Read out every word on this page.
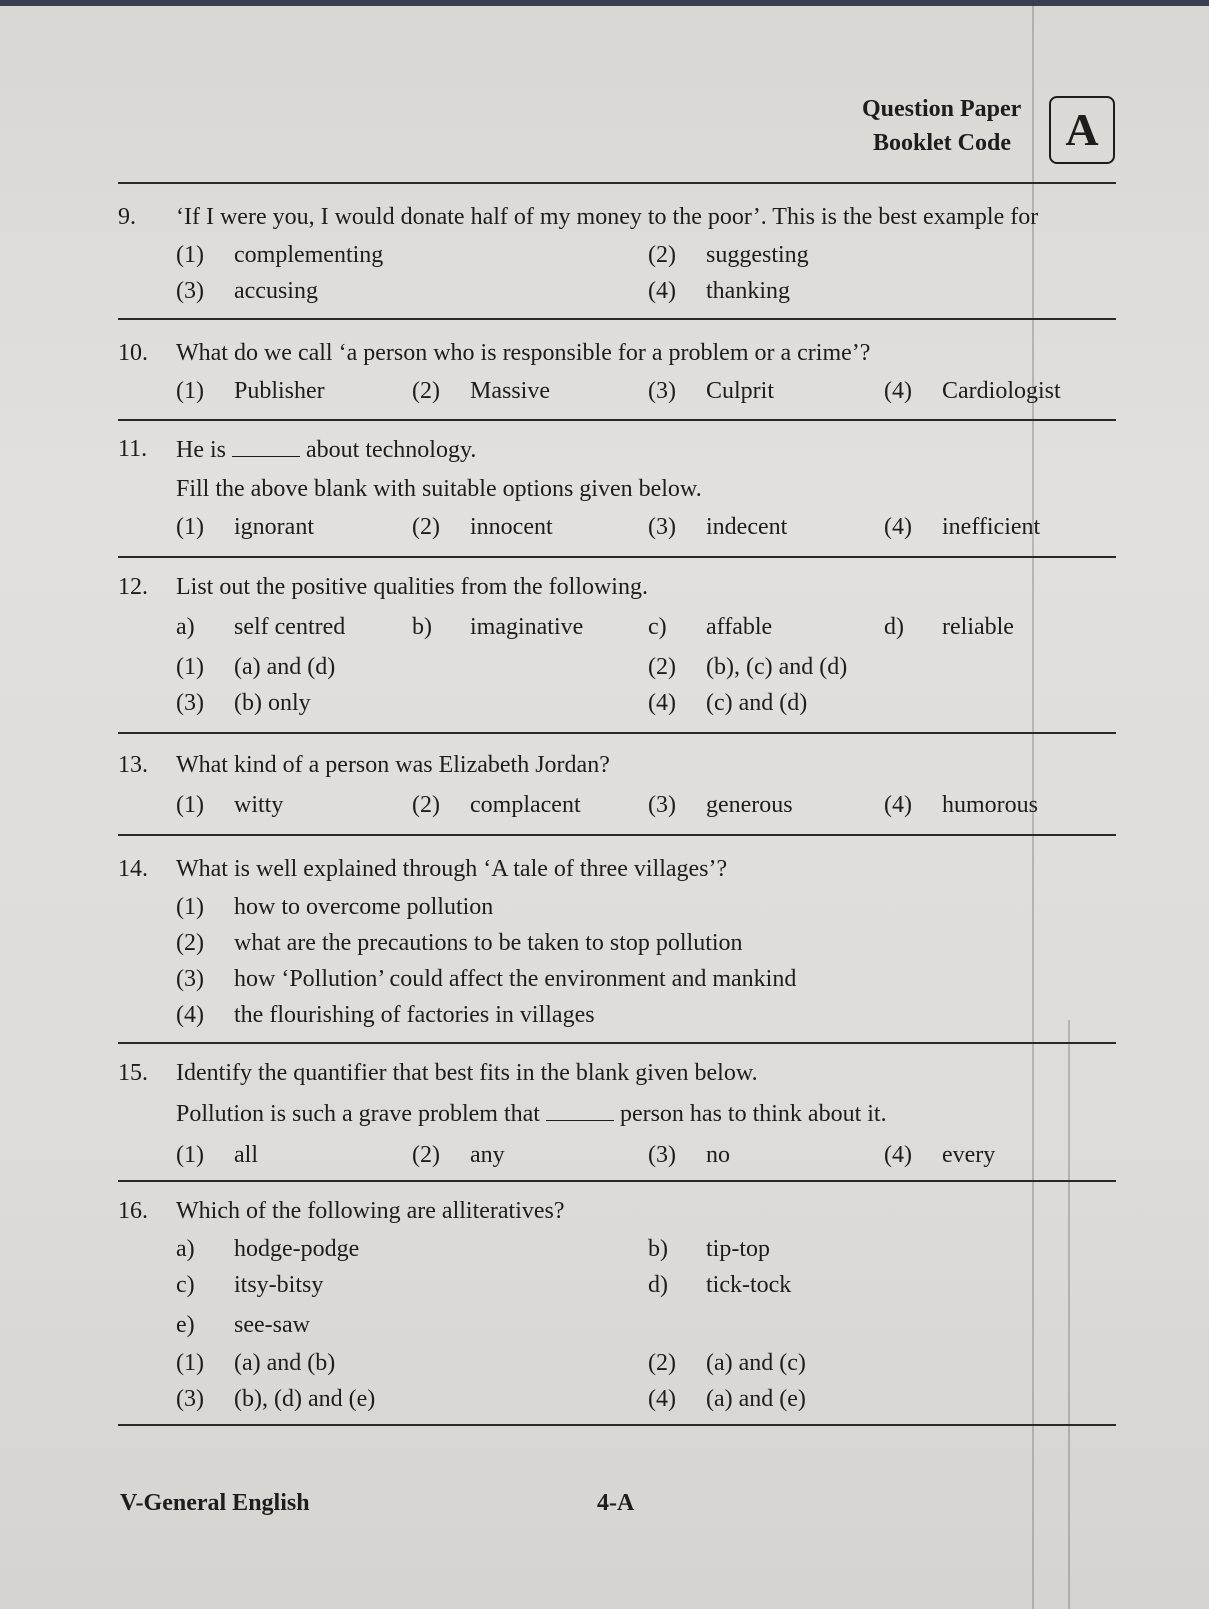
Question Paper
Booklet Code	A
9. ‘If I were you, I would donate half of my money to the poor’. This is the best example for
(1) complementing	(2) suggesting
(3) accusing	(4) thanking
10. What do we call ‘a person who is responsible for a problem or a crime’?
(1) Publisher	(2) Massive	(3) Culprit	(4) Cardiologist
11. He is	about technology.
Fill the above blank with suitable options given below.
(1) ignorant	(2) innocent	(3) indecent	(4) inefficient
12. List out the positive qualities from the following.
a) self centred	b) imaginative	c) affable	d) reliable
(1) (a) and (d)	(2) (b), (c) and (d)
(3) (b) only	(4) (c) and (d)
13. What kind of a person was Elizabeth Jordan?
(1) witty	(2) complacent	(3) generous	(4) humorous
14. What is well explained through ‘A tale of three villages’?
(1) how to overcome pollution
(2) what are the precautions to be taken to stop pollution
(3) how ‘Pollution’ could affect the environment and mankind
(4) the flourishing of factories in villages
15. Identify the quantifier that best fits in the blank given below.
Pollution is such a grave problem that	person has to think about it.
(1) all	(2) any	(3) no	(4) every
16. Which of the following are alliteratives?
a) hodge-podge	b) tip-top
c) itsy-bitsy	d) tick-tock
e) see-saw
(1) (a) and (b)	(2) (a) and (c)
(3) (b), (d) and (e)	(4) (a) and (e)
V-General English	4-A
